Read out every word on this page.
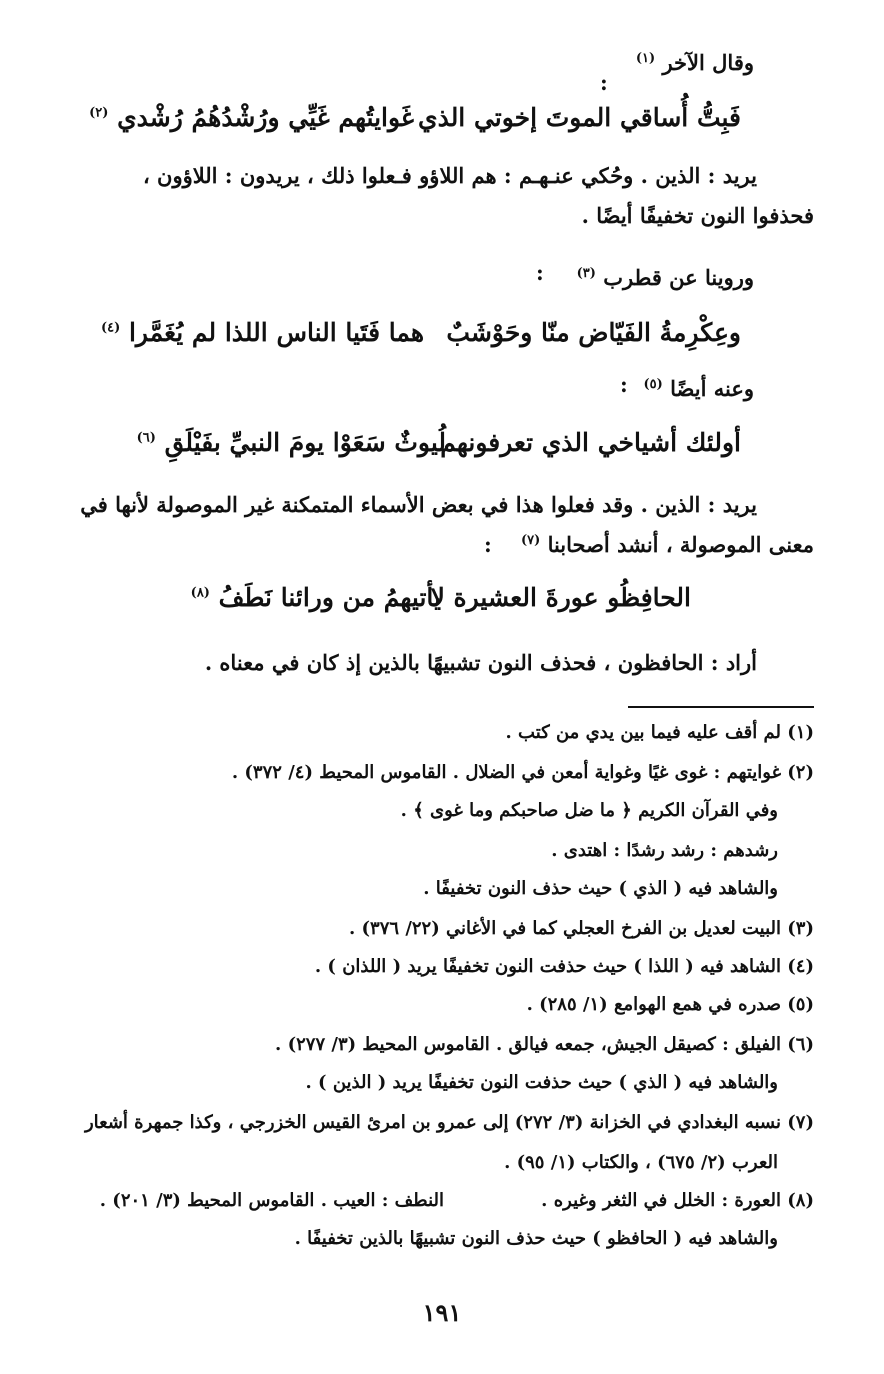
وقال الآخر $^{(١)}$
:
فَبِتُّ أُساقي الموتَ إخوتي الذي
غَوايتُهم غَيِّي ورُشْدُهُمُ رُشْدي $^{(٢)}$
يريد : الذين . وحُكي عنـهـم : هم اللاؤو فـعلوا ذلك ، يريدون : اللاؤون ،
فحذفوا النون تخفيفًا أيضًا .
وروينا عن قطرب $^{(٣)}$
:
وعِكْرِمةُ الفَيّاض منّا وحَوْشَبٌ
هما فَتَيا الناس اللذا لم يُغَمَّرا $^{(٤)}$
وعنه أيضًا $^{(٥)}$
:
أولئك أشياخي الذي تعرفونهم
لُيوثٌ سَعَوْا يومَ النبيِّ بفَيْلَقِ $^{(٦)}$
يريد : الذين . وقد فعلوا هذا في بعض الأسماء المتمكنة غير الموصولة لأنها في
معنى الموصولة ، أنشد أصحابنا $^{(٧)}$
:
الحافِظُو عورةَ العشيرة لا
يأتيهمُ من ورائنا نَطَفُ $^{(٨)}$
أراد : الحافظون ، فحذف النون تشبيهًا بالذين إذ كان في معناه .
(١) لم أقف عليه فيما بين يدي من كتب .
(٢) غوايتهم : غوى غيًا وغواية أمعن في الضلال . القاموس المحيط (٤/ ٣٧٢) .
وفي القرآن الكريم ﴿ ما ضل صاحبكم وما غوى ﴾ .
رشدهم : رشد رشدًا : اهتدى .
والشاهد فيه ( الذي ) حيث حذف النون تخفيفًا .
(٣) البيت لعديل بن الفرخ العجلي كما في الأغاني (٢٢/ ٣٧٦) .
(٤) الشاهد فيه ( اللذا ) حيث حذفت النون تخفيفًا يريد ( اللذان ) .
(٥) صدره في همع الهوامع (١/ ٢٨٥) .
(٦) الفيلق : كصيقل الجيش، جمعه فيالق . القاموس المحيط (٣/ ٢٧٧) .
والشاهد فيه ( الذي ) حيث حذفت النون تخفيفًا يريد ( الذين ) .
(٧) نسبه البغدادي في الخزانة (٣/ ٢٧٢) إلى عمرو بن امرئ القيس الخزرجي ، وكذا جمهرة أشعار
العرب (٢/ ٦٧٥) ، والكتاب (١/ ٩٥) .
(٨) العورة : الخلل في الثغر وغيره .
النطف : العيب . القاموس المحيط (٣/ ٢٠١) .
والشاهد فيه ( الحافظو ) حيث حذف النون تشبيهًا بالذين تخفيفًا .
١٩١
